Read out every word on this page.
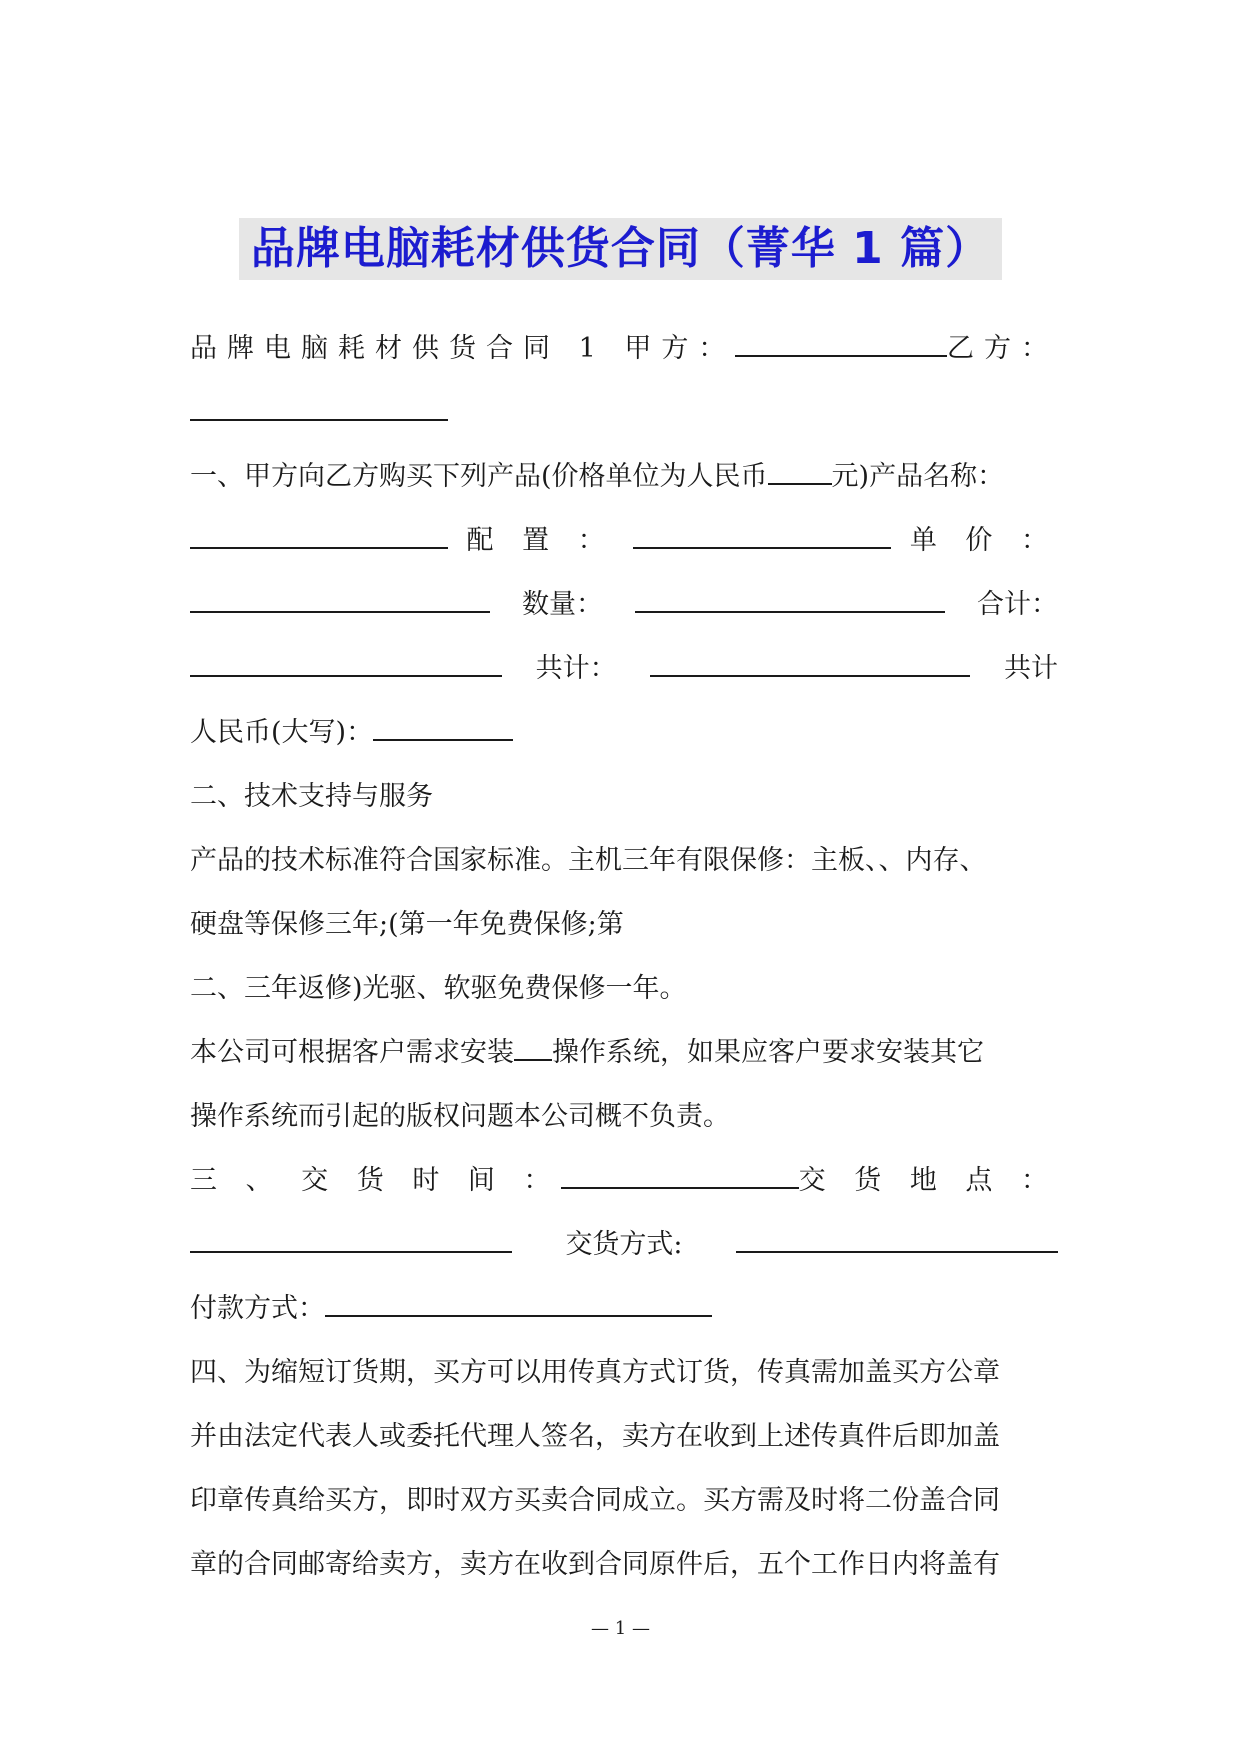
品牌电脑耗材供货合同（菁华 1 篇）
品牌电脑耗材供货合同 1 甲方：	乙方：
一、甲方向乙方购买下列产品(价格单位为人民币 元)产品名称：
配 置 ：	单 价 ：
数量：	合计：
共计：	共计
人民币(大写)：
二、技术支持与服务
产品的技术标准符合国家标准。主机三年有限保修：主板、、内存、
硬盘等保修三年;(第一年免费保修;第
二、三年返修)光驱、软驱免费保修一年。
本公司可根据客户需求安装 操作系统，如果应客户要求安装其它
操作系统而引起的版权问题本公司概不负责。
三 、 交 货 时 间 ：	交 货 地 点 ：
交货方式:
付款方式：
四、为缩短订货期，买方可以用传真方式订货，传真需加盖买方公章
并由法定代表人或委托代理人签名，卖方在收到上述传真件后即加盖
印章传真给买方，即时双方买卖合同成立。买方需及时将二份盖合同
章的合同邮寄给卖方，卖方在收到合同原件后，五个工作日内将盖有
— 1 —
